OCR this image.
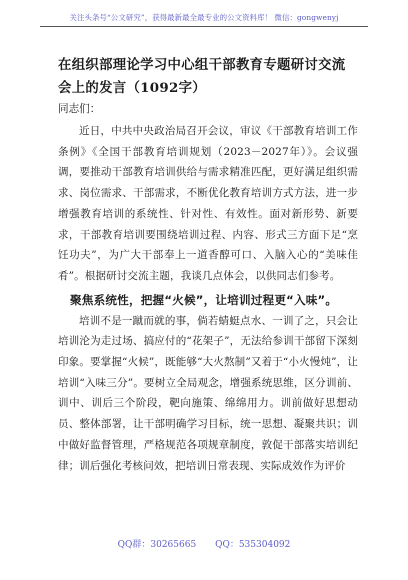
关注头条号“公文研究”，获得最新最全最专业的公文资料库！ 微信：gongwenyj

在组织部理论学习中心组干部教育专题研讨交流会上的发言（1092字）

同志们：

近日，中共中央政治局召开会议，审议《干部教育培训工作条例》《全国干部教育培训规划（2023－2027年）》。会议强调，要推动干部教育培训供给与需求精准匹配，更好满足组织需求、岗位需求、干部需求，不断优化教育培训方式方法，进一步增强教育培训的系统性、针对性、有效性。面对新形势、新要求，干部教育培训要围绕培训过程、内容、形式三方面下足“烹饪功夫”，为广大干部奉上一道香醇可口、入脑入心的“美味佳肴”。根据研讨交流主题，我谈几点体会，以供同志们参考。

聚焦系统性，把握“火候”，让培训过程更“入味”。

培训不是一蹴而就的事，倘若蜻蜓点水、一训了之，只会让培训沦为走过场、搞应付的“花架子”，无法给参训干部留下深刻印象。要掌握“火候”，既能够“大火熬制”又着于“小火慢炖”，让培训“入味三分”。要树立全局观念，增强系统思维，区分训前、训中、训后三个阶段，靶向施策、绵绵用力。训前做好思想动员、整体部署，让干部明确学习目标，统一思想、凝聚共识；训中做好监督管理，严格规范各项规章制度，敦促干部落实培训纪律；训后强化考核问效，把培训日常表现、实际成效作为评价

QQ群：30265665 QQ：535304092
